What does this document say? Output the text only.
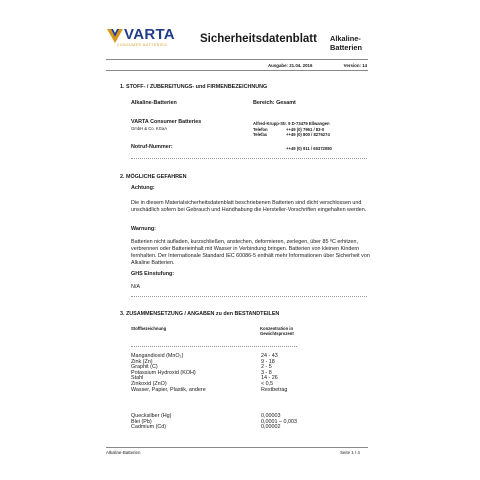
VARTA
CONSUMER BATTERIES	Sicherheitsdatenblatt Alkaline-
Batterien
Ausgabe: 21.04. 2016	Version: 14
1. STOFF- / ZUBEREITUNGS- und FIRMENBEZEICHNUNG
Alkaline-Batterien	Bereich: Gesamt
VARTA Consumer Batteries
GmbH & Co. KGaA
Alfred-Krupp-Str. 9 D-73479 Ellwangen
Telefon	++49 (0) 7961 / 83-0
Telefax	++49 (0) 800 / 8276274
Notruf-Nummer:	++49 (0) 911 / 65372080
2. MÖGLICHE GEFAHREN
Achtung:
Die in diesem Materialsicherheitsdatenblatt beschriebenen Batterien sind dicht verschlossen und unschädlich sofern bei Gebrauch und Handhabung die Hersteller-Vorschriften eingehalten werden.
Warnung:
Batterien nicht aufladen, kurzschließen, anstechen, deformieren, zerlegen, über 85 ºC erhitzen, verbrennen oder Batterieinhalt mit Wasser in Verbindung bringen. Batterien von kleinen Kindern fernhalten. Der Internationale Standard IEC 60086-5 enthält mehr Informationen über Sicherheit von Alkaline Batterien.
GHS Einstufung:
N/A
3. ZUSAMMENSETZUNG / ANGABEN zu den BESTANDTEILEN
Stoffbezeichnung	Konzentration in
Gewichtsprozent
Mangandioxid (MnO₂)	24 - 43
Zink (Zn)	9 - 18
Graphit (C)	2 - 5
Potassium Hydroxid (KOH)	3 - 8
Stahl	14 - 26
Zinkoxid (ZnO)	< 0,5
Wasser, Papier, Plastik, andere	Restbetrag
Quecksilber (Hg)	0,00003
Blei (Pb)	0,0001 – 0,003
Cadmium (Cd)	0,00002
Alkaline-Batterien	Seite 1 / 4
